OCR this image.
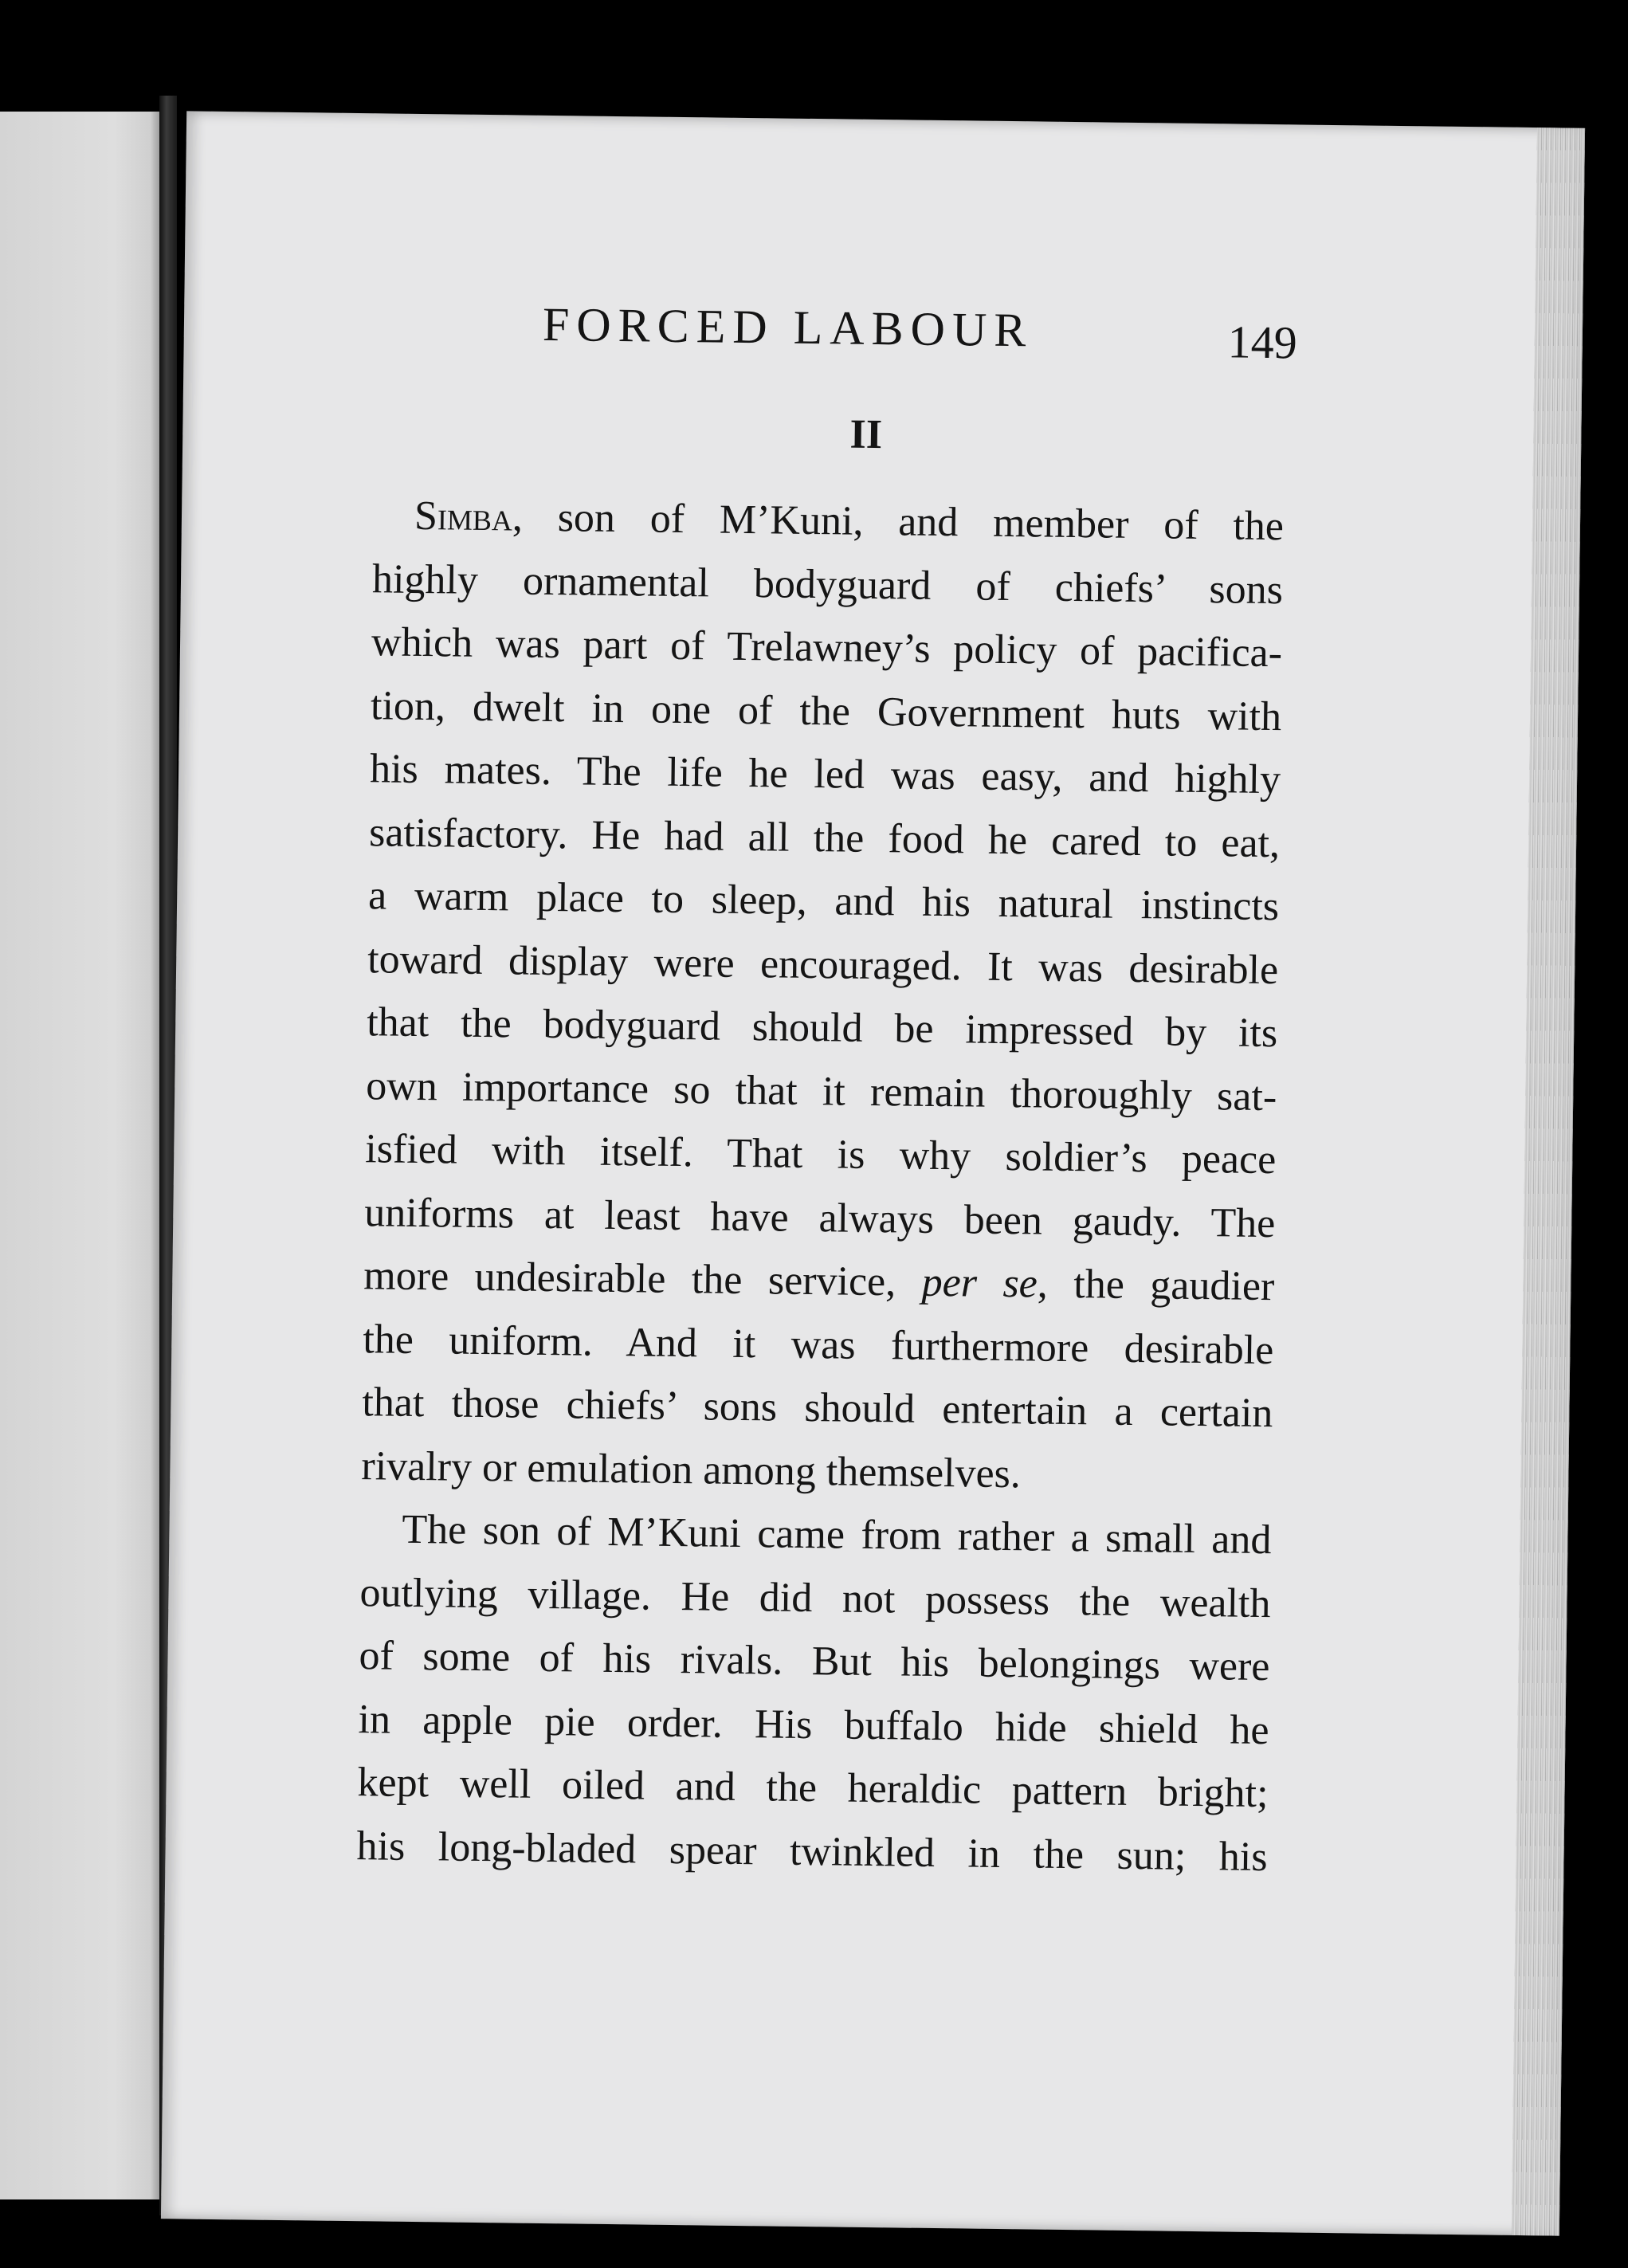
FORCED LABOUR	149
II
Simba, son of M’Kuni, and member of the
highly ornamental bodyguard of chiefs’ sons
which was part of Trelawney’s policy of pacifica-
tion, dwelt in one of the Government huts with
his mates. The life he led was easy, and highly
satisfactory. He had all the food he cared to eat,
a warm place to sleep, and his natural instincts
toward display were encouraged. It was desirable
that the bodyguard should be impressed by its
own importance so that it remain thoroughly sat-
isfied with itself. That is why soldier’s peace
uniforms at least have always been gaudy. The
more undesirable the service, per se, the gaudier
the uniform. And it was furthermore desirable
that those chiefs’ sons should entertain a certain
rivalry or emulation among themselves.
The son of M’Kuni came from rather a small and
outlying village. He did not possess the wealth
of some of his rivals. But his belongings were
in apple pie order. His buffalo hide shield he
kept well oiled and the heraldic pattern bright;
his long-bladed spear twinkled in the sun; his
